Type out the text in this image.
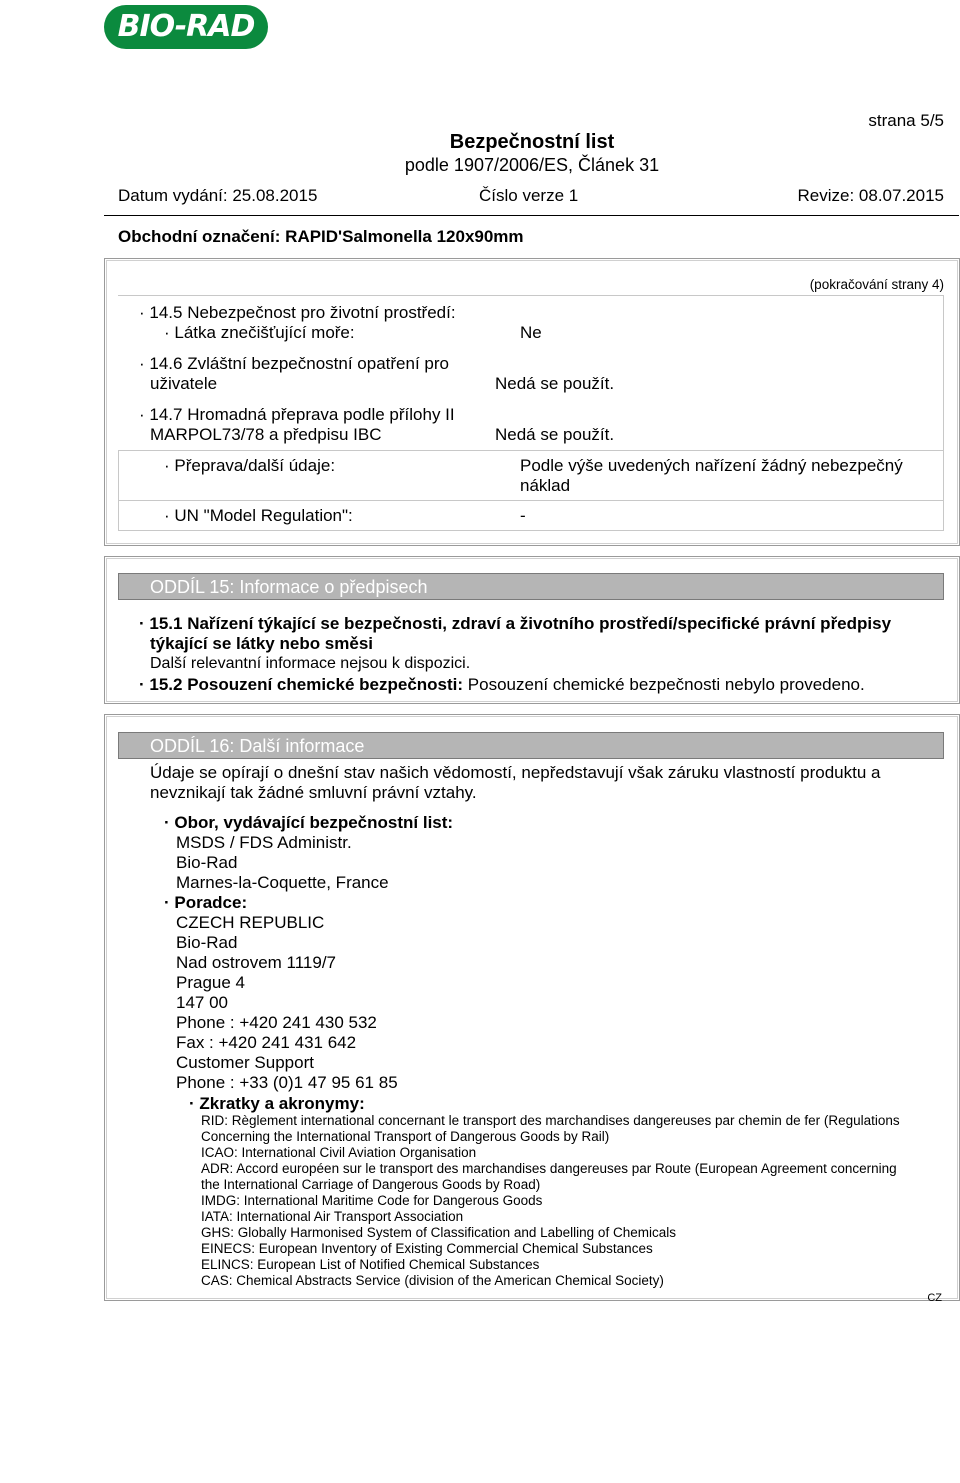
BIO-RAD
strana 5/5
Bezpečnostní list
podle 1907/2006/ES, Článek 31
Datum vydání: 25.08.2015	Číslo verze 1	Revize: 08.07.2015
Obchodní označení: RAPID'Salmonella 120x90mm
(pokračování strany 4)
· 14.5 Nebezpečnost pro životní prostředí:
· Látka znečišťující moře:	Ne
· 14.6 Zvláštní bezpečnostní opatření pro
uživatele	Nedá se použít.
· 14.7 Hromadná přeprava podle přílohy II
MARPOL73/78 a předpisu IBC	Nedá se použít.
· Přeprava/další údaje:	Podle výše uvedených nařízení žádný nebezpečný
náklad
· UN "Model Regulation":	-
ODDÍL 15: Informace o předpisech
· 15.1 Nařízení týkající se bezpečnosti, zdraví a životního prostředí/specifické právní předpisy
týkající se látky nebo směsi
Další relevantní informace nejsou k dispozici.
· 15.2 Posouzení chemické bezpečnosti: Posouzení chemické bezpečnosti nebylo provedeno.
ODDÍL 16: Další informace
Údaje se opírají o dnešní stav našich vědomostí, nepředstavují však záruku vlastností produktu a
nevznikají tak žádné smluvní právní vztahy.
· Obor, vydávající bezpečnostní list:
MSDS / FDS Administr.
Bio-Rad
Marnes-la-Coquette, France
· Poradce:
CZECH REPUBLIC
Bio-Rad
Nad ostrovem 1119/7
Prague 4
147 00
Phone : +420 241 430 532
Fax : +420 241 431 642
Customer Support
Phone : +33 (0)1 47 95 61 85
· Zkratky a akronymy:
RID: Règlement international concernant le transport des marchandises dangereuses par chemin de fer (Regulations
Concerning the International Transport of Dangerous Goods by Rail)
ICAO: International Civil Aviation Organisation
ADR: Accord européen sur le transport des marchandises dangereuses par Route (European Agreement concerning
the International Carriage of Dangerous Goods by Road)
IMDG: International Maritime Code for Dangerous Goods
IATA: International Air Transport Association
GHS: Globally Harmonised System of Classification and Labelling of Chemicals
EINECS: European Inventory of Existing Commercial Chemical Substances
ELINCS: European List of Notified Chemical Substances
CAS: Chemical Abstracts Service (division of the American Chemical Society)
CZ
